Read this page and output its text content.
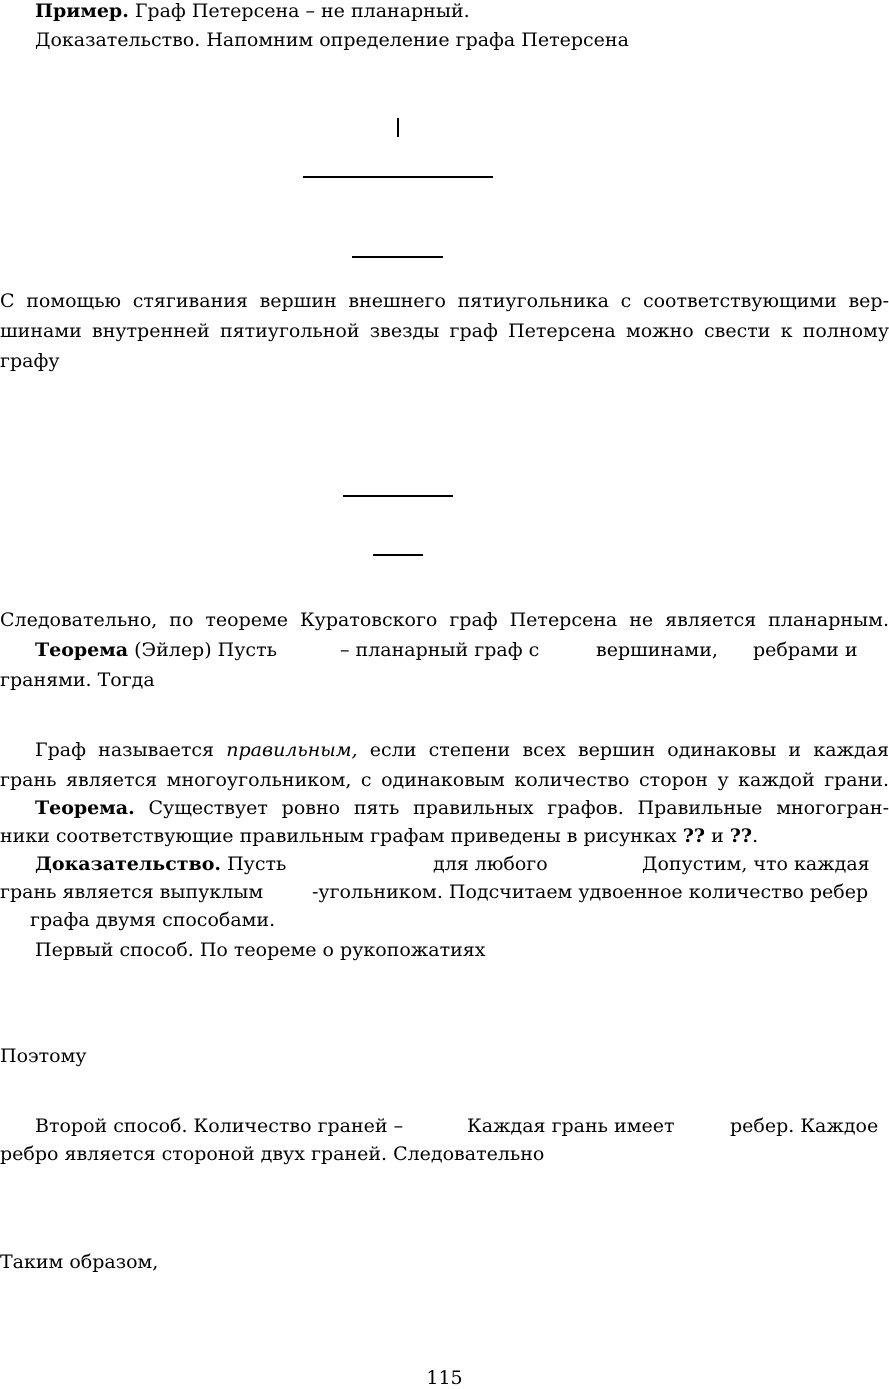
Пример. Граф Петерсена – не планарный.
Доказательство. Напомним определение графа Петерсена
С помощью стягивания вершин внешнего пятиугольника с соответствующими вер-
шинами внутренней пятиугольной звезды граф Петерсена можно свести к полному
графу
Следовательно, по теореме Куратовского граф Петерсена не является планарным.
Теорема (Эйлер) Пусть	– планарный граф с	вершинами, ребрами и
гранями. Тогда
Граф называется правильным, если степени всех вершин одинаковы и каждая
грань является многоугольником, с одинаковым количество сторон у каждой грани.
Теорема. Существует ровно пять правильных графов. Правильные многогран-
ники соответствующие правильным графам приведены в рисунках ?? и ??.
Доказательство. Пусть	для любого	Допустим, что каждая
грань является выпуклым	-угольником. Подсчитаем удвоенное количество ребер
графа двумя способами.
Первый способ. По теореме о рукопожатиях
Поэтому
Второй способ. Количество граней –	Каждая грань имеет	ребер. Каждое
ребро является стороной двух граней. Следовательно
Таким образом,
115
